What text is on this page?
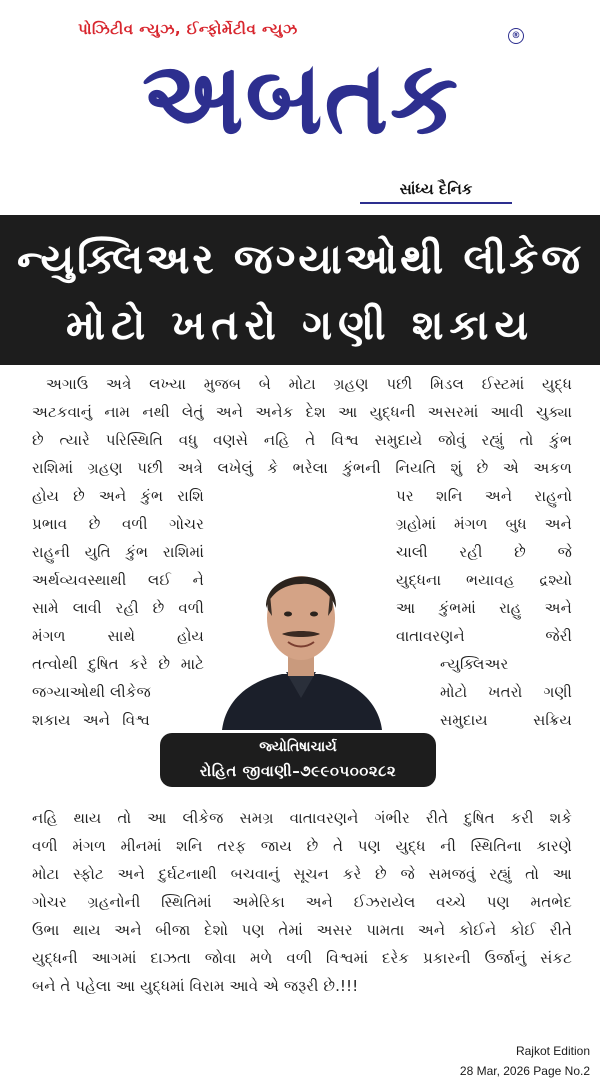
પોઝિટીવ ન્યુઝ, ઈન્ફોર્મેટીવ ન્યુઝ	®
અબતક
સાંધ્ય દૈનિક
ન્યુક્લિઅર જગ્યાઓથી લીકેજ
મોટો ખતરો ગણી શકાય
અગાઉ અત્રે લખ્યા મુજબ બે મોટા ગ્રહણ પછી મિડલ ઈસ્ટમાં યુદ્ધ
અટકવાનું નામ નથી લેતું અને અનેક દેશ આ યુદ્ધની અસરમાં આવી ચુક્યા
છે ત્યારે પરિસ્થિતિ વધુ વણસે નહિ તે વિશ્વ સમુદાયે જોવું રહ્યું તો કુંભ
રાશિમાં ગ્રહણ પછી અત્રે લખેલું કે ભરેલા કુંભની નિયતિ શું છે એ અકળ
હોય છે અને કુંભ રાશિ
પ્રભાવ છે વળી ગોચર
રાહુની યુતિ કુંભ રાશિમાં
અર્થવ્યવસ્થાથી લઈ ને
સામે લાવી રહી છે વળી
મંગળ સાથે હોય
તત્વોથી દુષિત કરે છે માટે
જગ્યાઓથી લીકેજ
શકાય અને વિશ્વ
પર શનિ અને રાહુનો
ગ્રહોમાં મંગળ બુધ અને
ચાલી રહી છે જે
યુદ્ધના ભયાવહ દ્રશ્યો
આ કુંભમાં રાહુ અને
વાતાવરણને જેરી
ન્યુક્લિઅર
મોટો ખતરો ગણી
સમુદાય સક્રિય
નહિ થાય તો આ લીકેજ સમગ્ર વાતાવરણને ગંભીર રીતે દુષિત કરી શકે
વળી મંગળ મીનમાં શનિ તરફ જાય છે તે પણ યુદ્ધ ની સ્થિતિના કારણે
મોટા સ્ફોટ અને દુર્ઘટનાથી બચવાનું સૂચન કરે છે જે સમજવું રહ્યું તો આ
ગોચર ગ્રહનોની સ્થિતિમાં અમેરિકા અને ઈઝરાયેલ વચ્ચે પણ મતભેદ
ઉભા થાય અને બીજા દેશો પણ તેમાં અસર પામતા અને કોઈને કોઈ રીતે
યુદ્ધની આગમાં દાઝતા જોવા મળે વળી વિશ્વમાં દરેક પ્રકારની ઉર્જાનું સંકટ
બને તે પહેલા આ યુદ્ધમાં વિરામ આવે એ જરૂરી છે.!!!
જ્યોતિષાચાર્ય
રોહિત જીવાણી–૭૯૯૦૫૦૦૨૮૨
Rajkot Edition
28 Mar, 2026 Page No.2
